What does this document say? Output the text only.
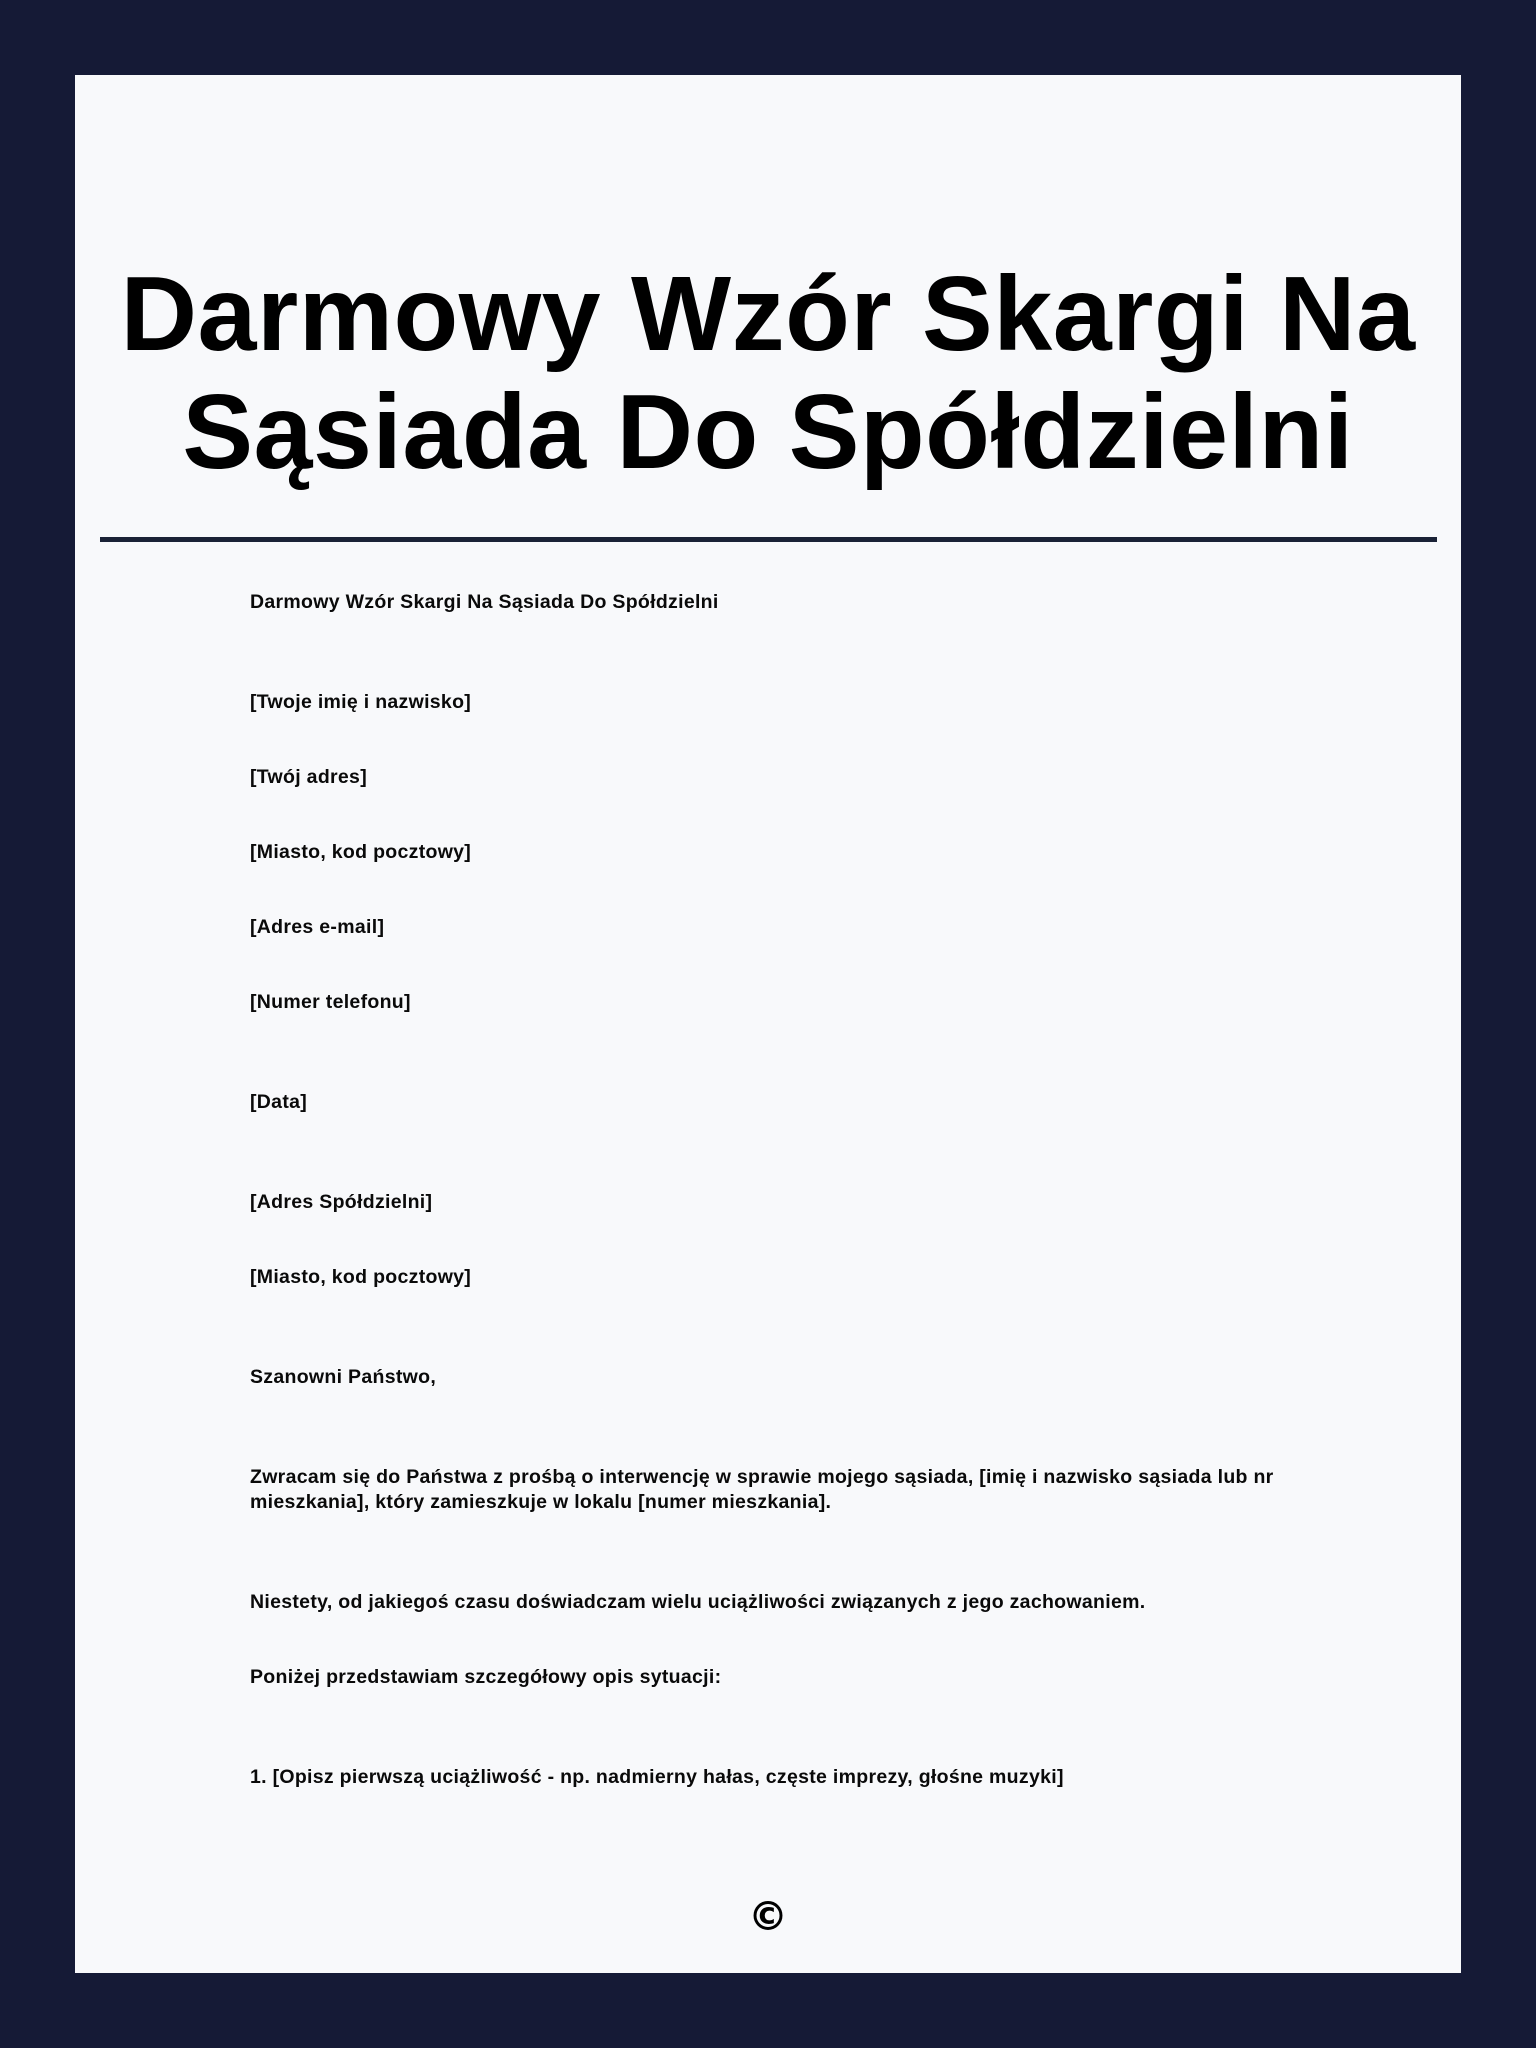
Darmowy Wzór Skargi Na Sąsiada Do Spółdzielni

Darmowy Wzór Skargi Na Sąsiada Do Spółdzielni

[Twoje imię i nazwisko]

[Twój adres]

[Miasto, kod pocztowy]

[Adres e-mail]

[Numer telefonu]

[Data]

[Adres Spółdzielni]

[Miasto, kod pocztowy]

Szanowni Państwo,

Zwracam się do Państwa z prośbą o interwencję w sprawie mojego sąsiada, [imię i nazwisko sąsiada lub nr mieszkania], który zamieszkuje w lokalu [numer mieszkania].

Niestety, od jakiegoś czasu doświadczam wielu uciążliwości związanych z jego zachowaniem.

Poniżej przedstawiam szczegółowy opis sytuacji:

1. [Opisz pierwszą uciążliwość - np. nadmierny hałas, częste imprezy, głośne muzyki]

©
